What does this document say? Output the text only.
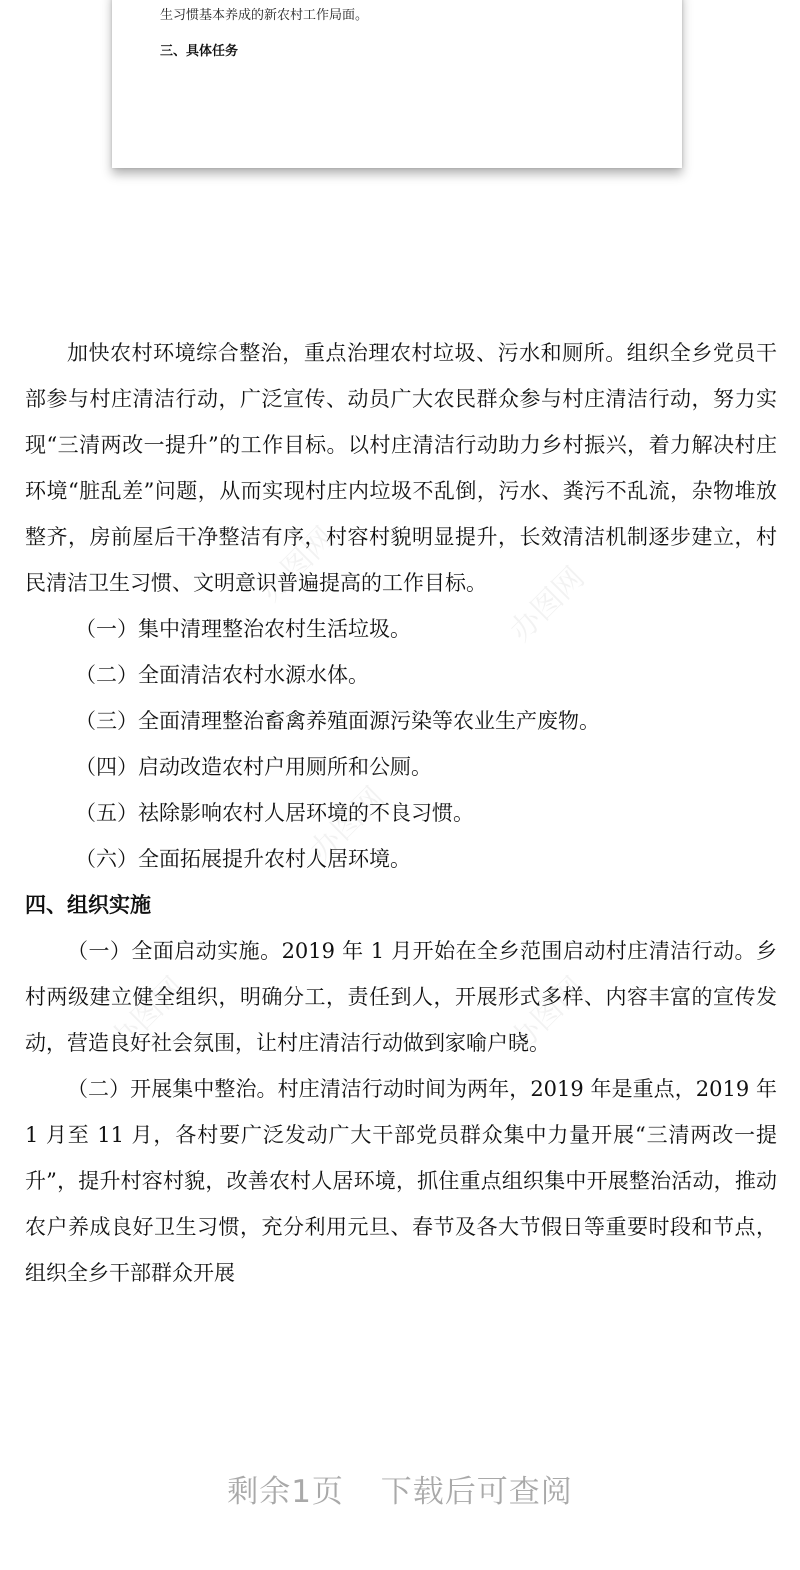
生习惯基本养成的新农村工作局面。

三、具体任务

加快农村环境综合整治，重点治理农村垃圾、污水和厕所。组织全乡党员干部参与村庄清洁行动，广泛宣传、动员广大农民群众参与村庄清洁行动，努力实现“三清两改一提升”的工作目标。以村庄清洁行动助力乡村振兴，着力解决村庄环境“脏乱差”问题，从而实现村庄内垃圾不乱倒，污水、粪污不乱流，杂物堆放整齐，房前屋后干净整洁有序，村容村貌明显提升，长效清洁机制逐步建立，村民清洁卫生习惯、文明意识普遍提高的工作目标。

（一）集中清理整治农村生活垃圾。

（二）全面清洁农村水源水体。

（三）全面清理整治畜禽养殖面源污染等农业生产废物。

（四）启动改造农村户用厕所和公厕。

（五）祛除影响农村人居环境的不良习惯。

（六）全面拓展提升农村人居环境。

四、组织实施

（一）全面启动实施。2019 年 1 月开始在全乡范围启动村庄清洁行动。乡村两级建立健全组织，明确分工，责任到人，开展形式多样、内容丰富的宣传发动，营造良好社会氛围，让村庄清洁行动做到家喻户晓。

（二）开展集中整治。村庄清洁行动时间为两年，2019 年是重点，2019 年 1 月至 11 月，各村要广泛发动广大干部党员群众集中力量开展“三清两改一提升”，提升村容村貌，改善农村人居环境，抓住重点组织集中开展整治活动，推动农户养成良好卫生习惯，充分利用元旦、春节及各大节假日等重要时段和节点，组织全乡干部群众开展

办图网	办图网
办图网
办图网	办图网
剩余1页 下载后可查阅
